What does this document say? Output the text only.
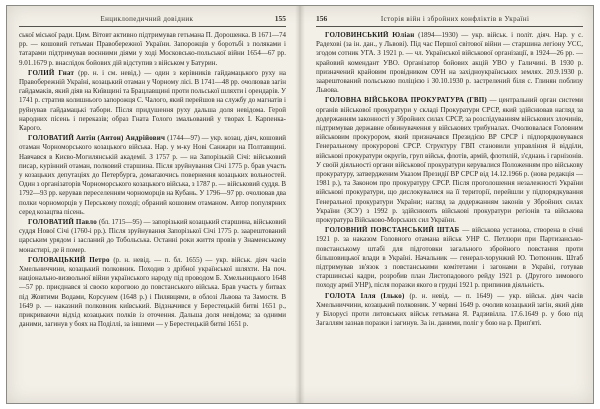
Енциклопедичний довідник	155

ської міської ради. Цим. Вітовт активно підтримував гетьмана П. Дорошенка. В 1671—74 рр. — кошовий гетьман Правобережної України. Запорожців у боротьбі з поляками і татарами підтримував воєнними діями у ході Московсько-польської війни 1654—67 рр. 9.01.1679 р. внаслідок бойових дій відступив з військом у Батурин.

ГОЛИЙ Гнат (рр. н. і см. невід.) — один з керівників гайдамацького руху на Правобережній Україні, козацький отаман у Чорному лісі. В 1741—48 рр. очолював загін гайдамаків, який діяв на Київщині та Брацлавщині проти польської шляхти і орендарів. У 1741 р. стратив колишнього запорожця С. Чалого, який перейшов на службу до магнатів і руйнував гайдамацькі табори. Після придушення руху дальша доля невідома. Герой народних пісень і переказів; образ Гната Голого змальований у творах І. Карпенка-Карого.

ГОЛОВАТИЙ Антін (Антон) Андрійович (1744—97) — укр. козац. діяч, кошовий отаман Чорноморського козацького війська. Нар. у м-ку Нові Санжари на Полтавщині. Навчався в Києво-Могилянській академії. З 1757 р. — на Запорізькій Січі: військовий писар, курінний отаман, полковий старшина. Після зруйнування Січі 1775 р. брав участь у козацьких депутаціях до Петербурга, домагаючись повернення козацьких вольностей. Один з організаторів Чорноморського козацького війська, з 1787 р. — військовий суддя. В 1792—93 рр. керував переселенням чорноморців на Кубань. У 1796—97 рр. очолював два полки чорноморців у Перському поході; обраний кошовим отаманом. Автор популярних серед козацтва пісень.

ГОЛОВАТИЙ Павло (бл. 1715—95) — запорізький козацький старшина, військовий суддя Нової Січі (1760-і рр.). Після зруйнування Запорізької Січі 1775 р. заарештований царським урядом і засланий до Тобольська. Останні роки життя провів у Знаменському монастирі, де й помер.

ГОЛОВАЦЬКИЙ Петро (р. н. невід. — п. бл. 1655) — укр. військ. діяч часів Хмельниччини, козацький полковник. Походив з дрібної української шляхти. На поч. національно-визвольної війни українського народу під проводом Б. Хмельницького 1648—57 рр. приєднався зі своєю корогвою до повстанського війська. Брав участь у битвах під Жовтими Водами, Корсунем (1648 р.) і Пилявцями, в облозі Львова та Замостя. В 1649 р. — наказний полковник київський. Відзначився у Берестецькій битві 1651 р., прикриваючи відхід козацьких полків із оточення. Дальша доля невідома; за одними даними, загинув у боях на Поділлі, за іншими — у Берестецькій битві 1651 р.

156	Історія війн і збройних конфліктів в Україні

ГОЛОВИНСЬКИЙ Юліан (1894—1930) — укр. військ. і політ. діяч. Нар. у с. Радехові (за ін. дан., у Львові). Під час Першої світової війни — старшина легіону УСС, згодом сотник УГА. З 1921 р. — чл. Української військової організації, в 1924—26 рр. — крайовий комендант УВО. Організатор бойових акцій УВО у Галичині. В 1930 р. призначений крайовим провідником ОУН на західноукраїнських землях. 20.9.1930 р. заарештований польською поліцією і 30.10.1930 р. застрелений біля с. Глинян поблизу Львова.

ГОЛОВНА ВІЙСЬКОВА ПРОКУРАТУРА (ГВП) — центральний орган системи органів військової прокуратури у складі Прокуратури СРСР, який здійснював нагляд за додержанням законності у Збройних силах СРСР, за розслідуванням військових злочинів, підтримував державне обвинувачення у військових трибуналах. Очолювалася Головним військовим прокурором, який призначався Президією ВР СРСР і підпорядковувався Генеральному прокуророві СРСР. Структуру ГВП становили управління й відділи, військові прокуратури округів, груп військ, флотів, армій, флотилій, з'єднань і гарнізонів. У своїй діяльності органи військової прокуратури керувалися Положенням про військову прокуратуру, затвердженим Указом Президії ВР СРСР від 14.12.1966 р. (нова редакція — 1981 р.), та Законом про прокуратуру СРСР. Після проголошення незалежності України військові прокуратури, що дислокувалися на її території, перейшли у підпорядкування Генеральної прокуратури України; нагляд за додержанням законів у Збройних силах України (ЗСУ) з 1992 р. здійснюють військові прокуратури регіонів та військова прокуратура Військово-Морських сил України.

ГОЛОВНИЙ ПОВСТАНСЬКИЙ ШТАБ — військова установа, створена в січні 1921 р. за наказом Головного отамана військ УНР С. Петлюри при Партизансько-повстанському штабі для підготовки загального збройного повстання проти більшовицької влади в Україні. Начальник — генерал-хорунжий Ю. Тютюнник. Штаб підтримував зв'язок з повстанськими комітетами і загонами в Україні, готував старшинські кадри, розробив план Листопадового рейду 1921 р. (Другого зимового походу армії УНР), після поразки якого в грудні 1921 р. припинив діяльність.

ГОЛОТА Ілля (Ілько) (р. н. невід. — п. 1649) — укр. військ. діяч часів Хмельниччини, козацький полковник. У червні 1649 р. очолив козацький загін, який діяв у Білорусі проти литовських військ гетьмана Я. Радзивілла. 17.6.1649 р. у бою під Загаллям зазнав поразки і загинув. За ін. даними, поліг у бою на р. Прип'яті.
